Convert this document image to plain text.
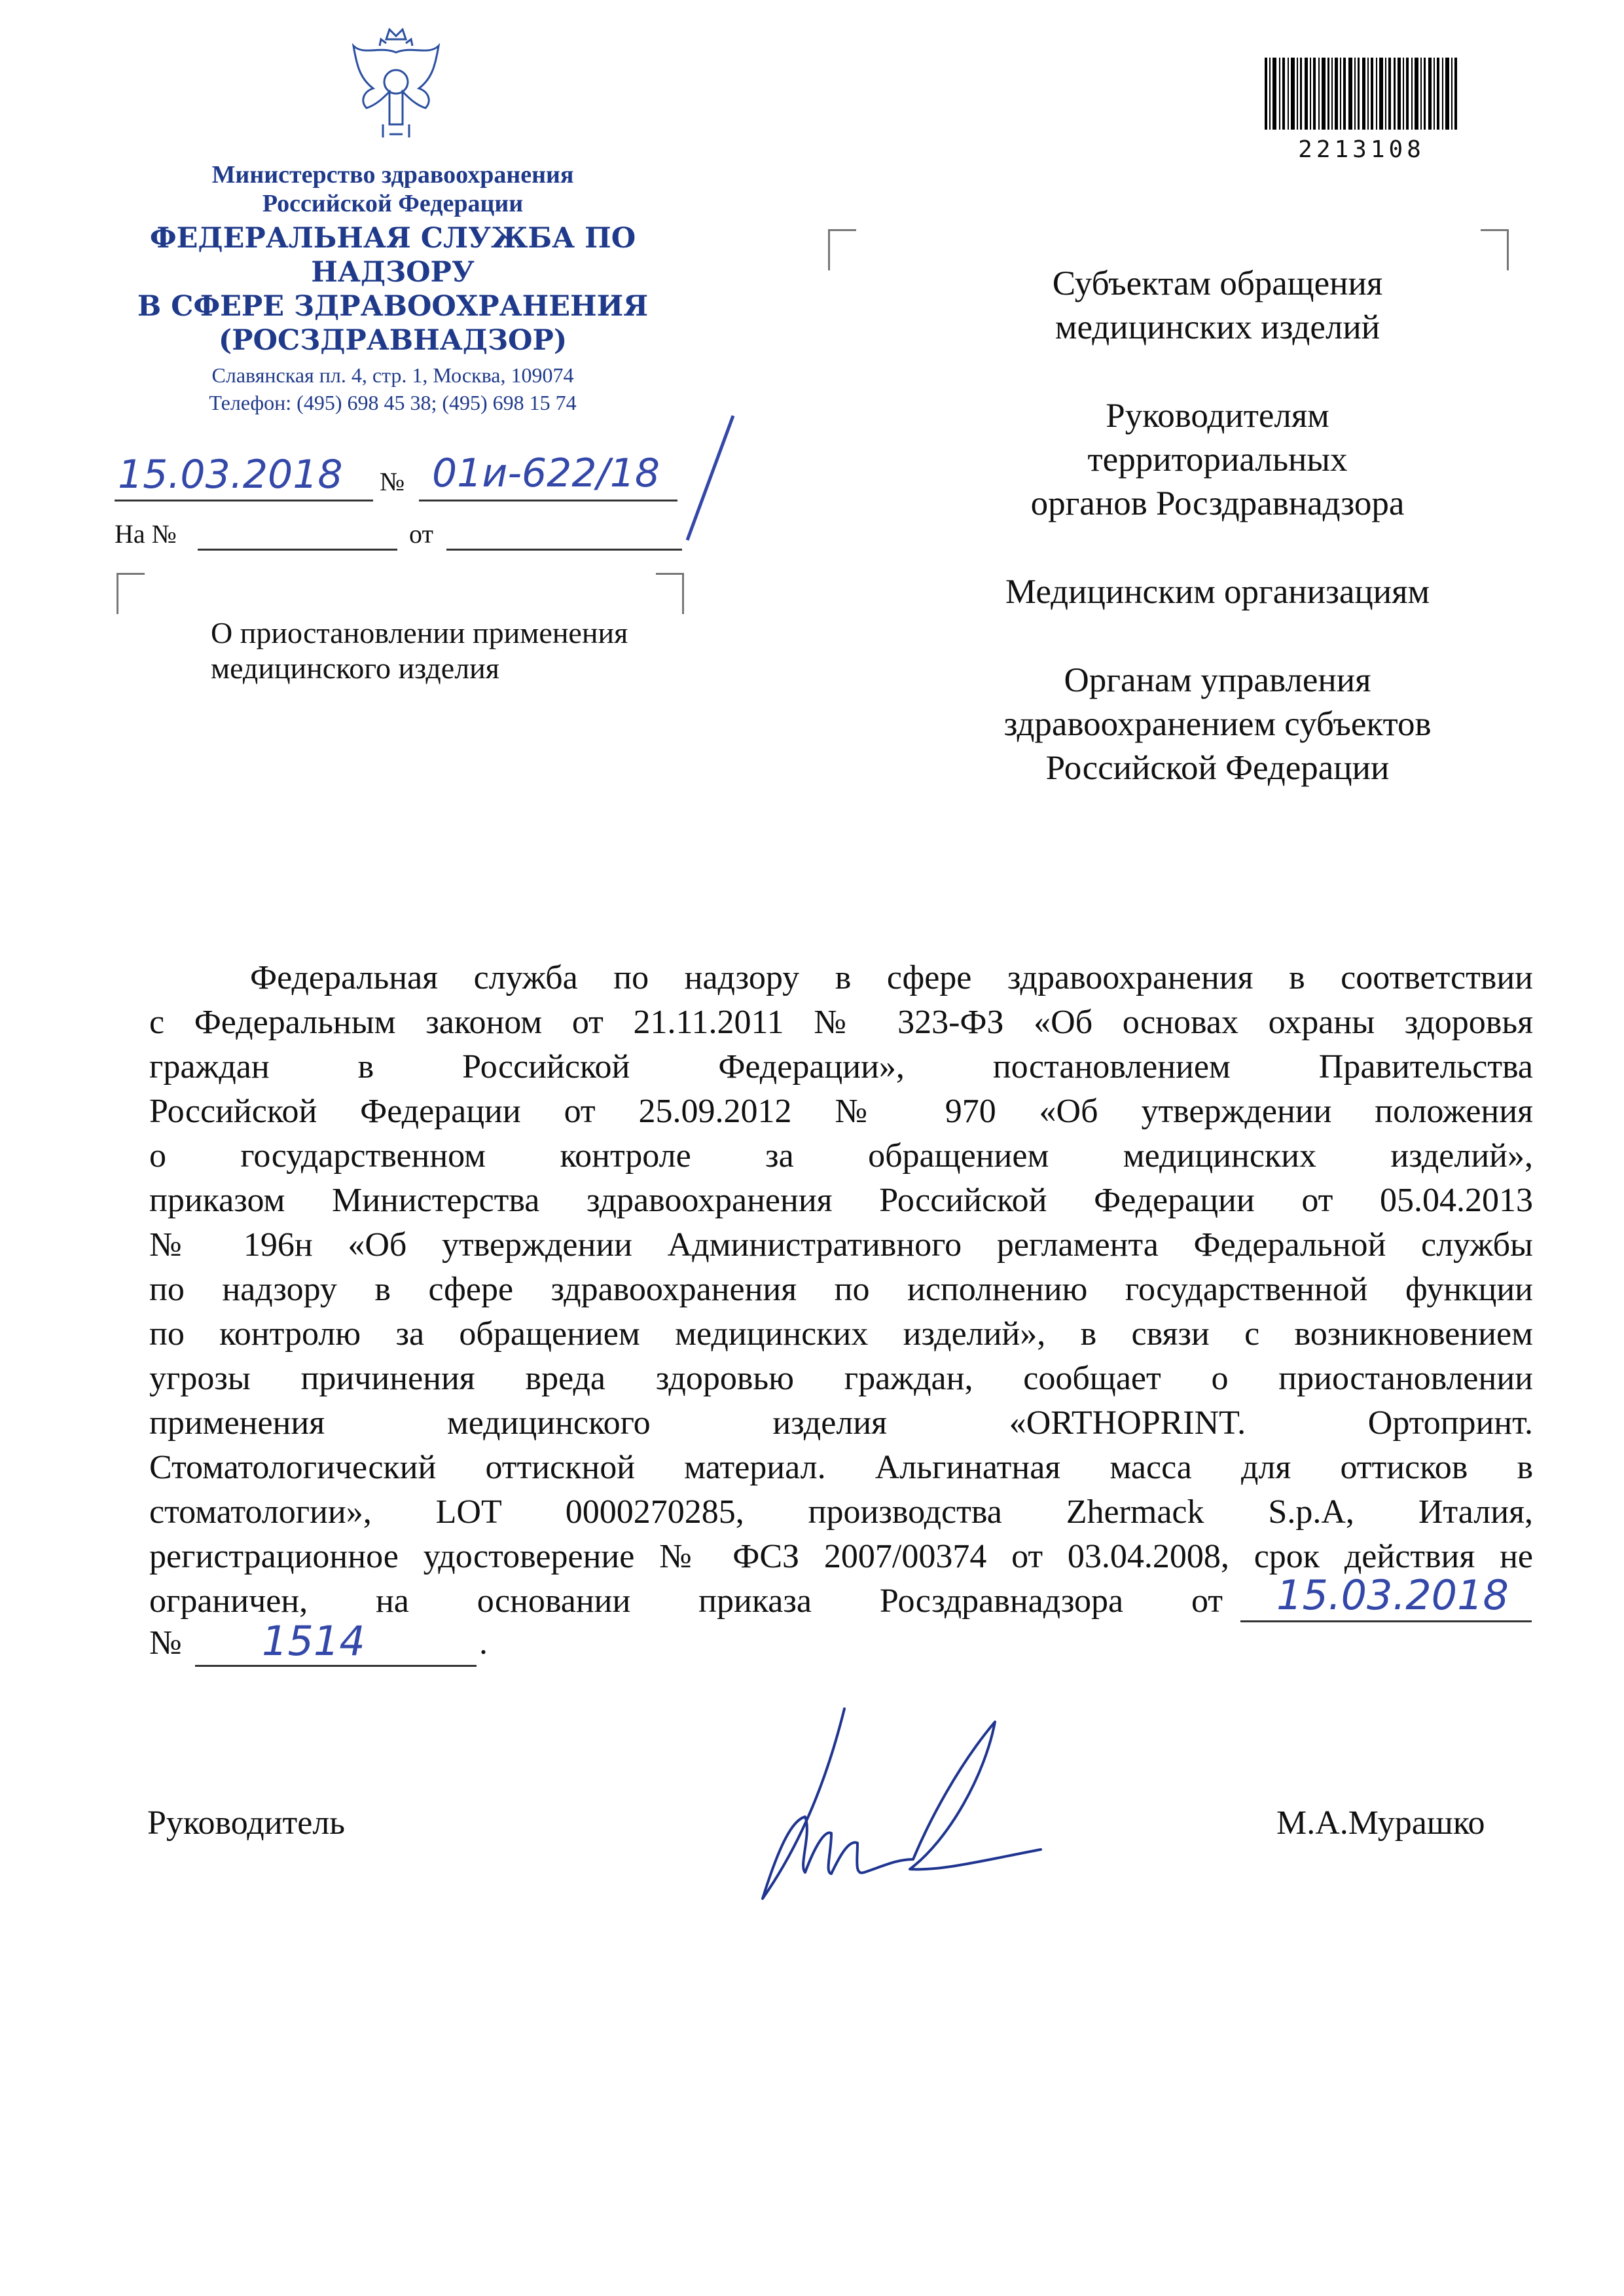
Министерство здравоохранения
Российской Федерации
ФЕДЕРАЛЬНАЯ СЛУЖБА ПО НАДЗОРУ
В СФЕРЕ ЗДРАВООХРАНЕНИЯ
(РОСЗДРАВНАДЗОР)
Славянская пл. 4, стр. 1, Москва, 109074
Телефон: (495) 698 45 38; (495) 698 15 74
2213108
15.03.2018 № 01и-622/18
На №	от
О приостановлении применения
медицинского изделия
Субъектам обращения
медицинских изделий
Руководителям
территориальных
органов Росздравнадзора
Медицинским организациям
Органам управления
здравоохранением субъектов
Российской Федерации
Федеральная служба по надзору в сфере здравоохранения в соответствии
с Федеральным законом от 21.11.2011 № 323-ФЗ «Об основах охраны здоровья
граждан в Российской Федерации», постановлением Правительства
Российской Федерации от 25.09.2012 № 970 «Об утверждении положения
о государственном контроле за обращением медицинских изделий»,
приказом Министерства здравоохранения Российской Федерации от 05.04.2013
№ 196н «Об утверждении Административного регламента Федеральной службы
по надзору в сфере здравоохранения по исполнению государственной функции
по контролю за обращением медицинских изделий», в связи с возникновением
угрозы причинения вреда здоровью граждан, сообщает о приостановлении
применения медицинского изделия «ORTHOPRINT. Ортопринт.
Стоматологический оттискной материал. Альгинатная масса для оттисков в
стоматологии», LOT 0000270285, производства Zhermack S.p.A, Италия,
регистрационное удостоверение № ФСЗ 2007/00374 от 03.04.2008, срок действия не
ограничен, на основании приказа Росздравнадзора от 15.03.2018
№ 1514	.
Руководитель	М.А.Мурашко
